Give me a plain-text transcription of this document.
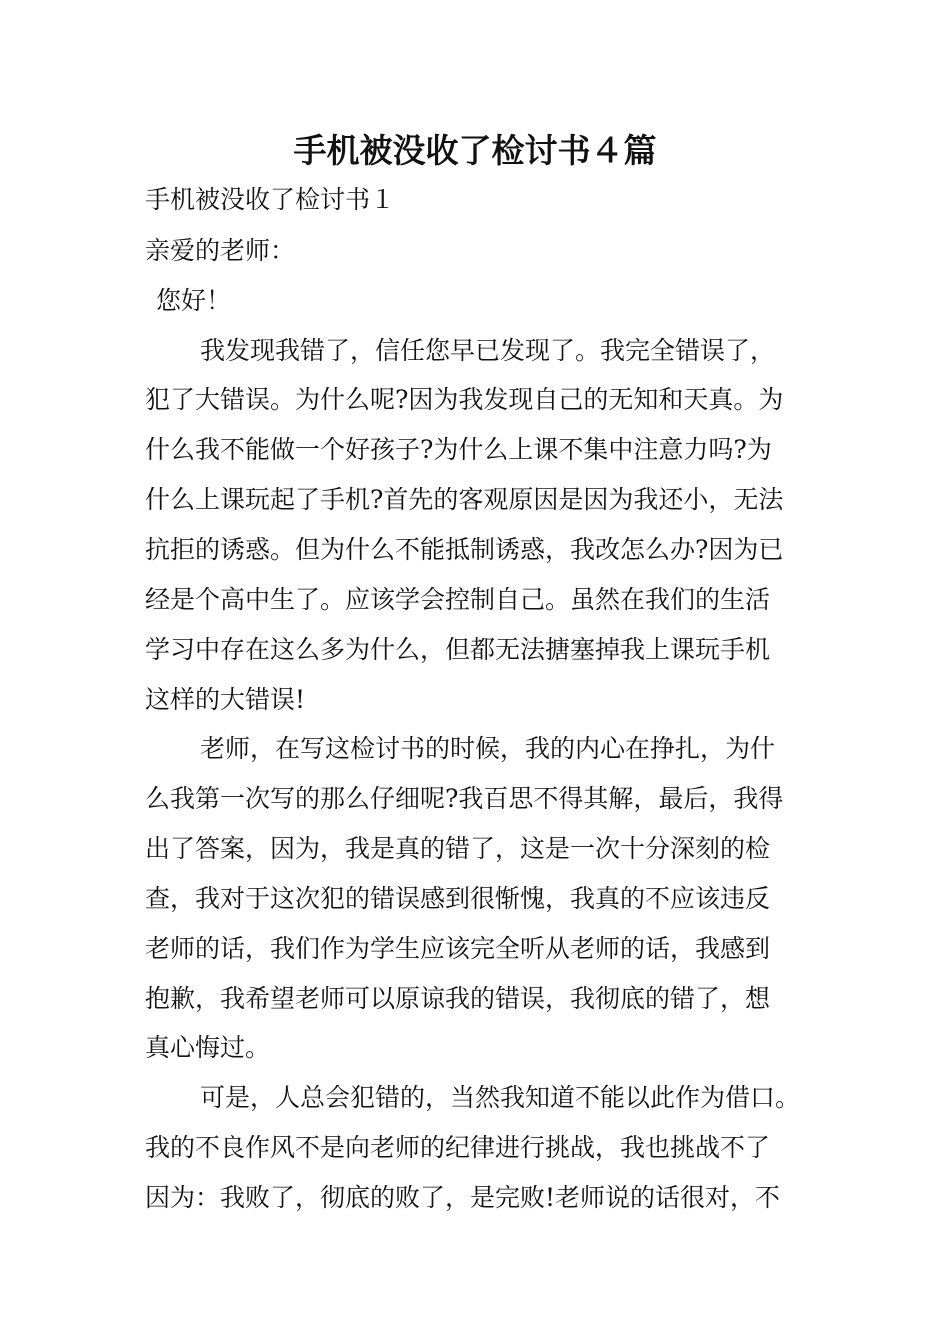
手机被没收了检讨书４篇

手机被没收了检讨书１

亲爱的老师：

您好！

我发现我错了，信任您早已发现了。我完全错误了，

犯了大错误。为什么呢?因为我发现自己的无知和天真。为

什么我不能做一个好孩子?为什么上课不集中注意力吗?为

什么上课玩起了手机?首先的客观原因是因为我还小，无法

抗拒的诱惑。但为什么不能抵制诱惑，我改怎么办?因为已

经是个高中生了。应该学会控制自己。虽然在我们的生活

学习中存在这么多为什么，但都无法搪塞掉我上课玩手机

这样的大错误!

老师，在写这检讨书的时候，我的内心在挣扎，为什

么我第一次写的那么仔细呢?我百思不得其解，最后，我得

出了答案，因为，我是真的错了，这是一次十分深刻的检

查，我对于这次犯的错误感到很惭愧，我真的不应该违反

老师的话，我们作为学生应该完全听从老师的话，我感到

抱歉，我希望老师可以原谅我的错误，我彻底的错了，想

真心悔过。

可是，人总会犯错的，当然我知道不能以此作为借口。

我的不良作风不是向老师的纪律进行挑战，我也挑战不了

因为：我败了，彻底的败了，是完败!老师说的话很对，不
